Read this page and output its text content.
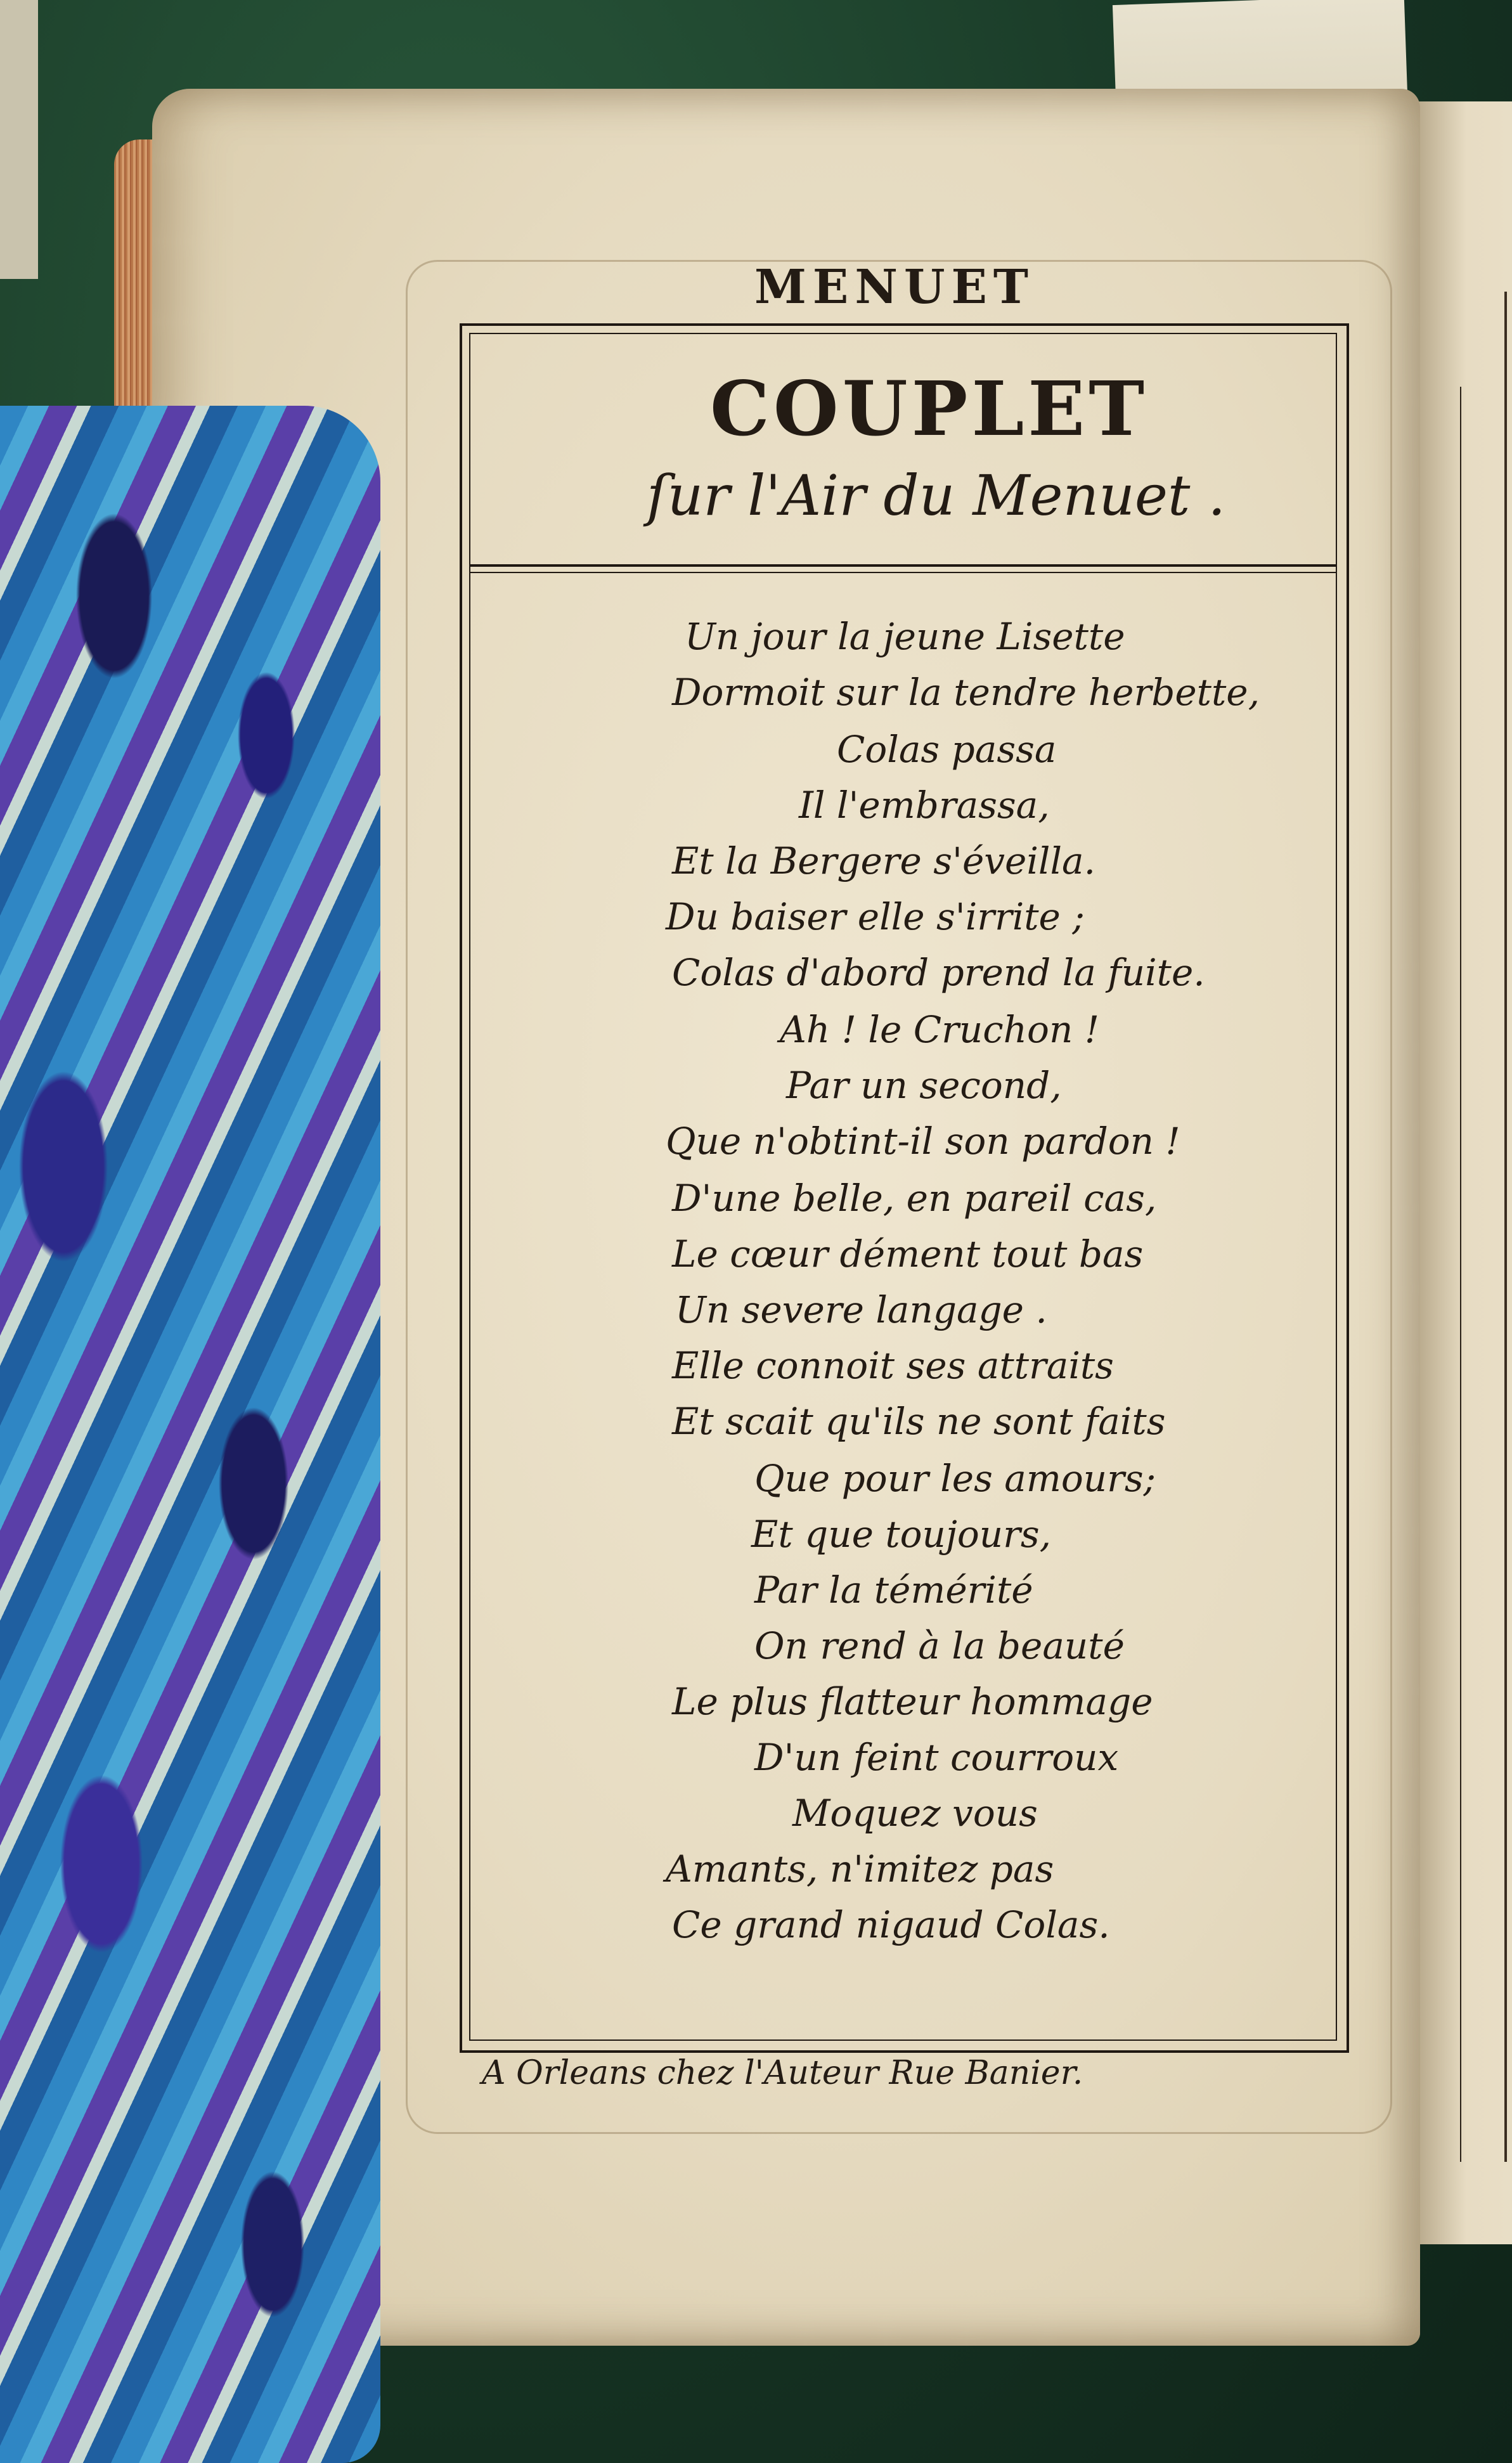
MENUET
COUPLET
ſur l'Air du Menuet .
Un jour la jeune Lisette
Dormoit sur la tendre herbette,
Colas passa
Il l'embrassa,
Et la Bergere s'éveilla.
Du baiser elle s'irrite ;
Colas d'abord prend la fuite.
Ah ! le Cruchon !
Par un second,
Que n'obtint-il son pardon !
D'une belle, en pareil cas,
Le cœur dément tout bas
Un severe langage .
Elle connoit ses attraits
Et scait qu'ils ne sont faits
Que pour les amours;
Et que toujours,
Par la témérité
On rend à la beauté
Le plus flatteur hommage
D'un feint courroux
Moquez vous
Amants, n'imitez pas
Ce grand nigaud Colas.
A Orleans chez l'Auteur Rue Banier.
